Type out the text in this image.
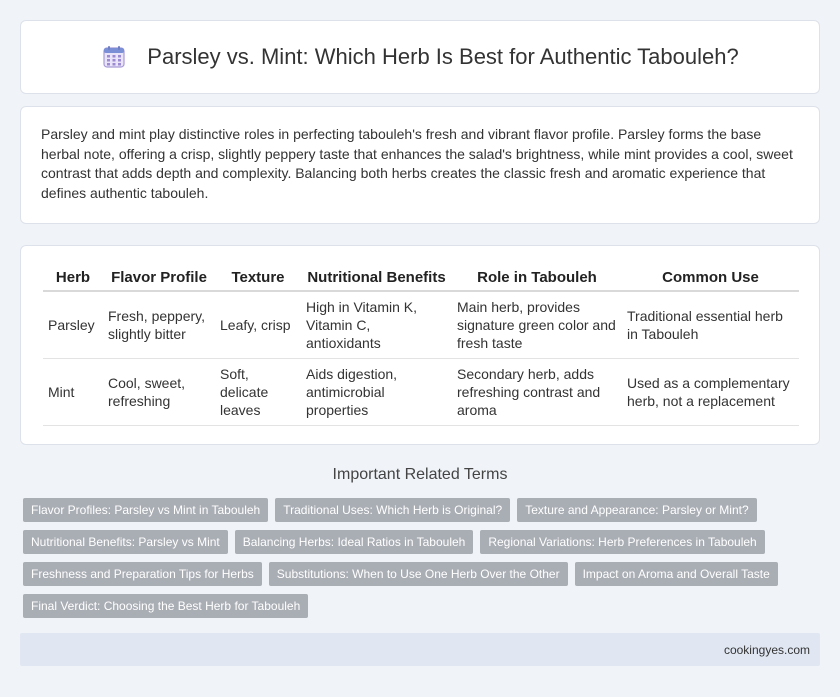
Parsley vs. Mint: Which Herb Is Best for Authentic Tabouleh?

Parsley and mint play distinctive roles in perfecting tabouleh's fresh and vibrant flavor profile. Parsley forms the base herbal note, offering a crisp, slightly peppery taste that enhances the salad's brightness, while mint provides a cool, sweet contrast that adds depth and complexity. Balancing both herbs creates the classic fresh and aromatic experience that defines authentic tabouleh.

Herb	Flavor Profile	Texture	Nutritional Benefits	Role in Tabouleh	Common Use
Parsley	Fresh, peppery, slightly bitter	Leafy, crisp	High in Vitamin K, Vitamin C, antioxidants	Main herb, provides signature green color and fresh taste	Traditional essential herb in Tabouleh
Mint	Cool, sweet, refreshing	Soft, delicate leaves	Aids digestion, antimicrobial properties	Secondary herb, adds refreshing contrast and aroma	Used as a complementary herb, not a replacement
Important Related Terms
Flavor Profiles: Parsley vs Mint in Tabouleh	Traditional Uses: Which Herb is Original?	Texture and Appearance: Parsley or Mint?
Nutritional Benefits: Parsley vs Mint	Balancing Herbs: Ideal Ratios in Tabouleh	Regional Variations: Herb Preferences in Tabouleh
Freshness and Preparation Tips for Herbs	Substitutions: When to Use One Herb Over the Other	Impact on Aroma and Overall Taste
Final Verdict: Choosing the Best Herb for Tabouleh
cookingyes.com
